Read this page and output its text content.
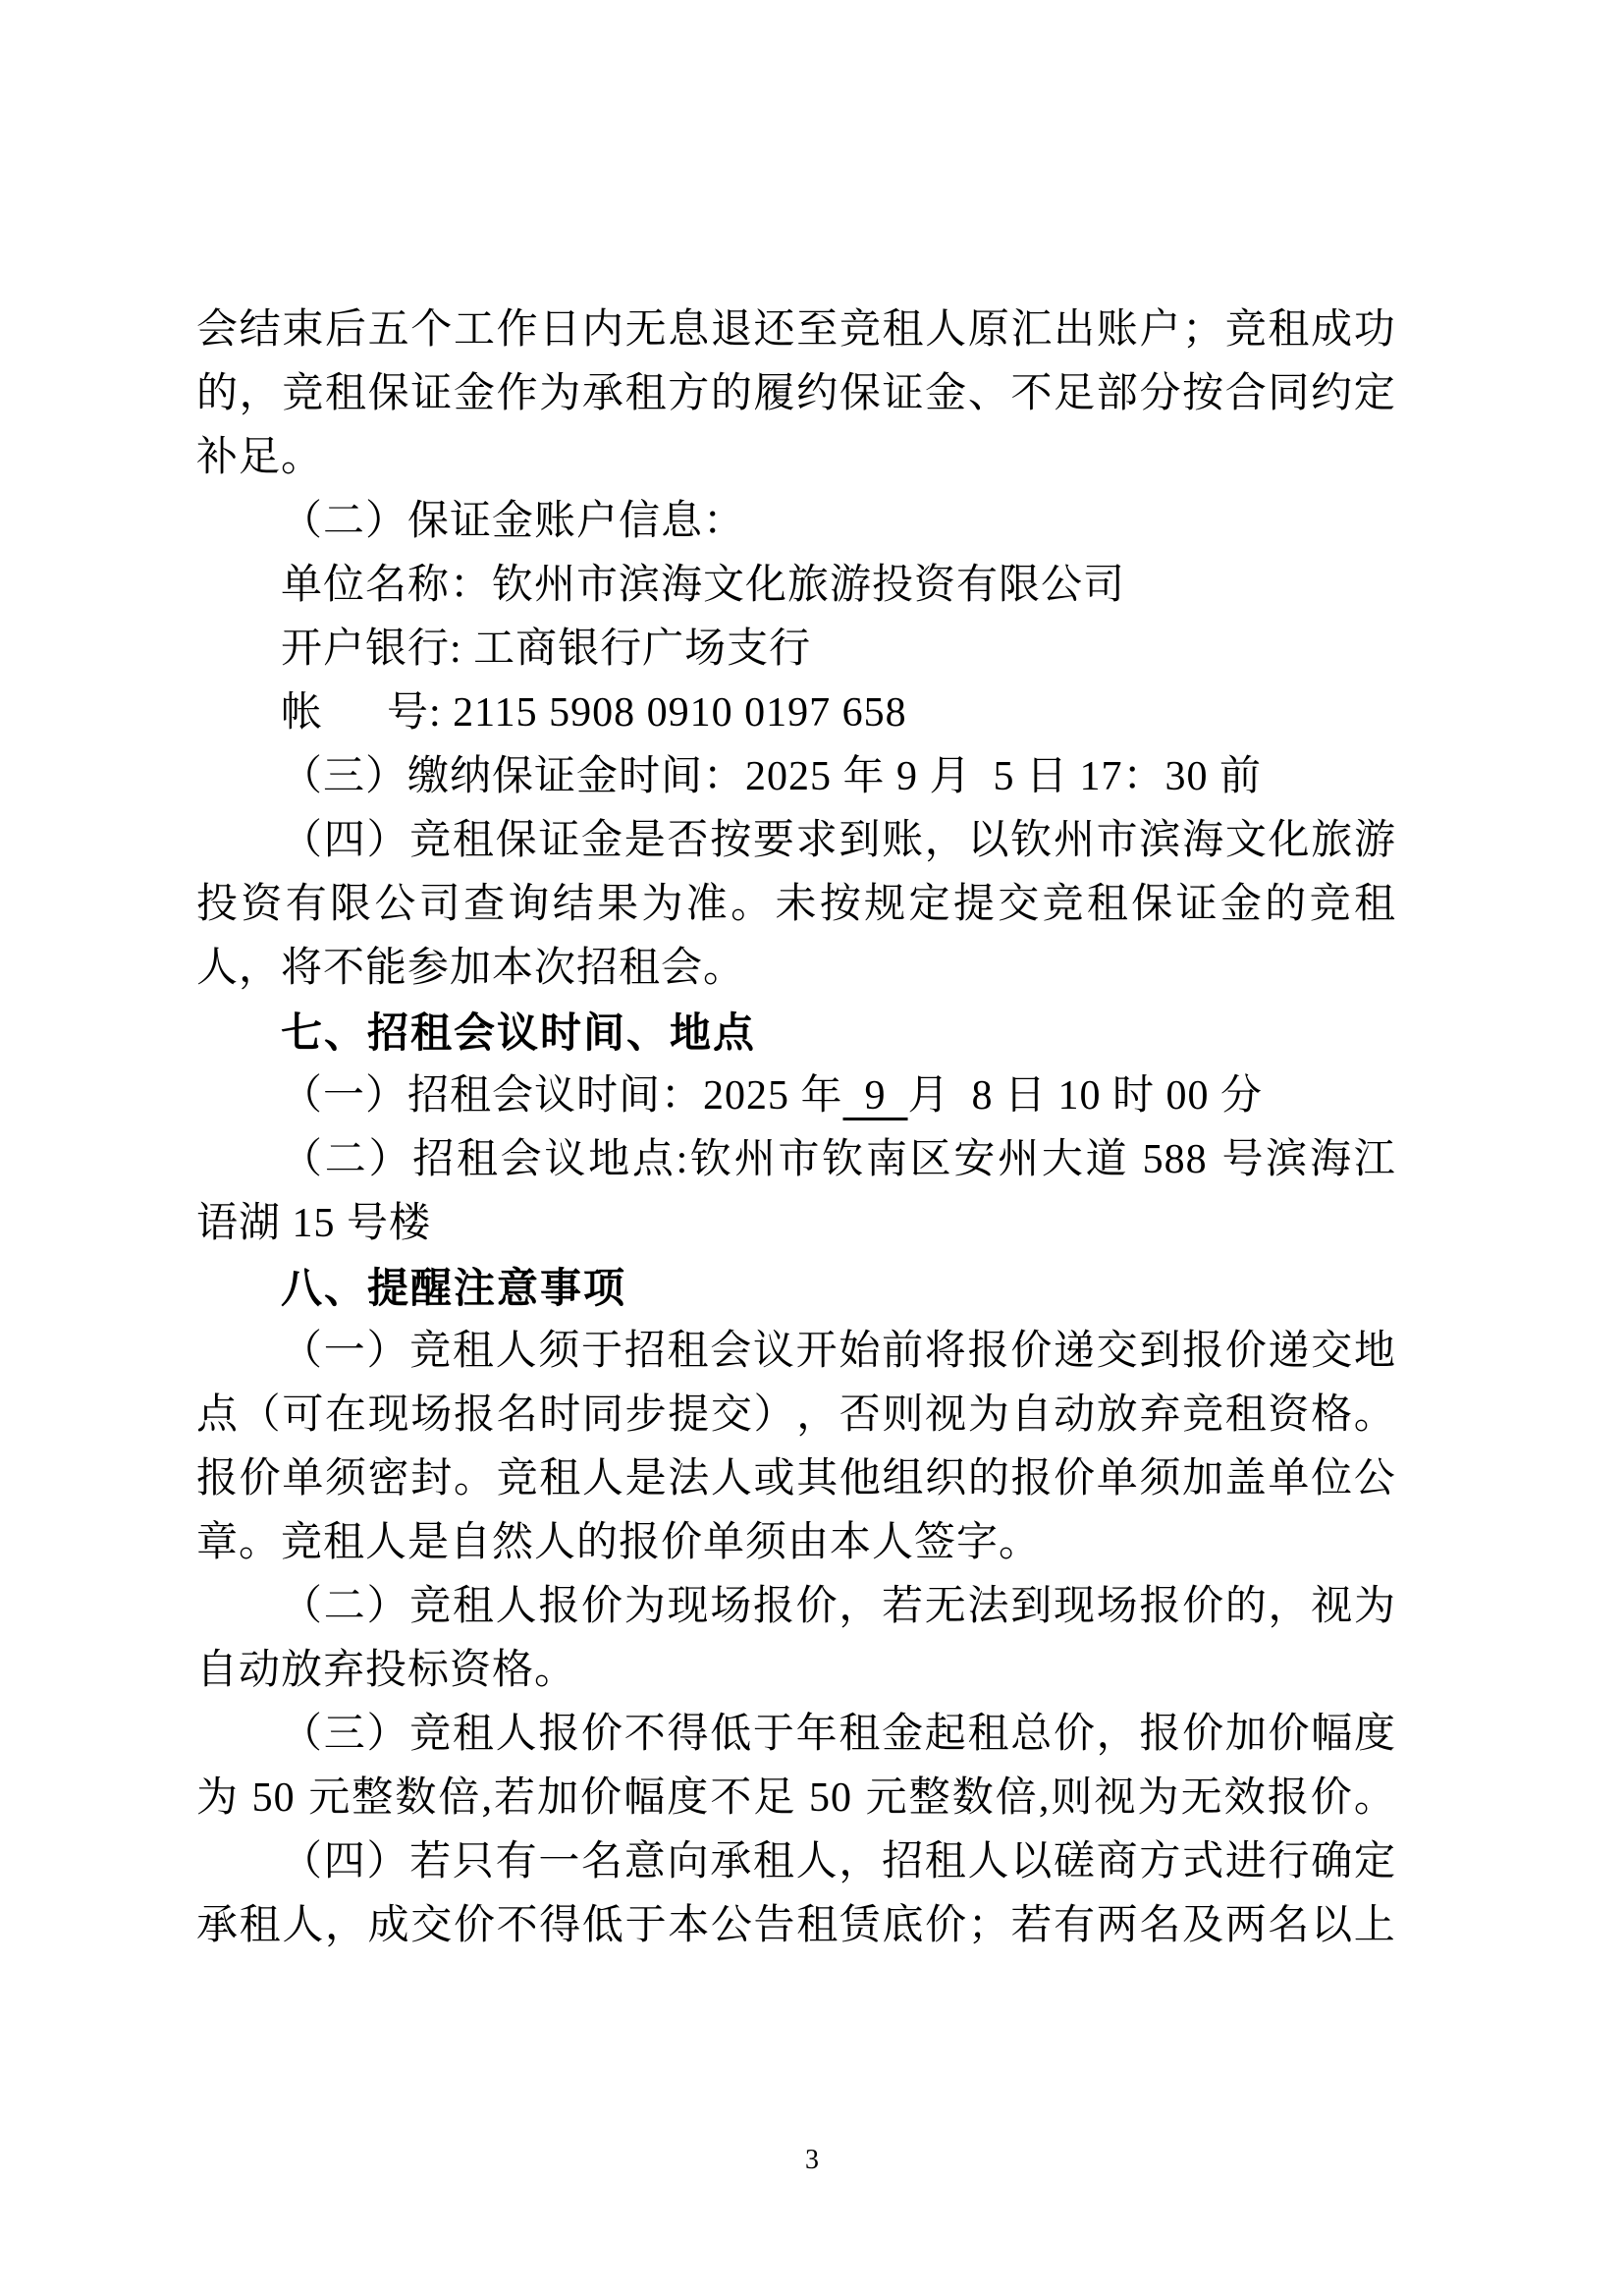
会 结 束 后 五 个 工 作 日 内 无 息 退 还 至 竞 租 人 原 汇 出 账 户 ； 竞 租 成 功
的 ， 竞 租 保 证 金 作 为 承 租 方 的 履 约 保 证 金 、 不 足 部 分 按 合 同 约 定
补足。
（二）保证金账户信息：
单位名称：钦州市滨海文化旅游投资有限公司
开户银行: 工商银行广场支行
帐　 号: 2115 5908 0910 0197 658
（三）缴纳保证金时间：2025 年 9 月 5 日 17：30 前
（ 四 ） 竞 租 保 证 金 是 否 按 要 求 到 账 ， 以 钦 州 市 滨 海 文 化 旅 游
投 资 有 限 公 司 查 询 结 果 为 准 。 未 按 规 定 提 交 竞 租 保 证 金 的 竞 租
人，将不能参加本次招租会。
七、招租会议时间、地点
（一）招租会议时间：2025 年 9 月 8 日 10 时 00 分
（ 二 ） 招 租 会 议 地 点 : 钦 州 市 钦 南 区 安 州 大 道
588
号 滨 海 江
语湖 15 号楼
八、提醒注意事项
（ 一 ） 竞 租 人 须 于 招 租 会 议 开 始 前 将 报 价 递 交 到 报 价 递 交 地
点 （ 可 在 现 场 报 名 时 同 步 提 交 ） ， 否 则 视 为 自 动 放 弃 竞 租 资 格 。
报 价 单 须 密 封 。 竞 租 人 是 法 人 或 其 他 组 织 的 报 价 单 须 加 盖 单 位 公
章。竞租人是自然人的报价单须由本人签字。
（ 二 ） 竞 租 人 报 价 为 现 场 报 价 ， 若 无 法 到 现 场 报 价 的 ， 视 为
自动放弃投标资格。
（ 三 ） 竞 租 人 报 价 不 得 低 于 年 租 金 起 租 总 价 ， 报 价 加 价 幅 度
为
50
元 整 数 倍 , 若 加 价 幅 度 不 足
50
元 整 数 倍 , 则 视 为 无 效 报 价 。
（ 四 ） 若 只 有 一 名 意 向 承 租 人 ， 招 租 人 以 磋 商 方 式 进 行 确 定
承 租 人 ， 成 交 价 不 得 低 于 本 公 告 租 赁 底 价 ； 若 有 两 名 及 两 名 以 上
3
